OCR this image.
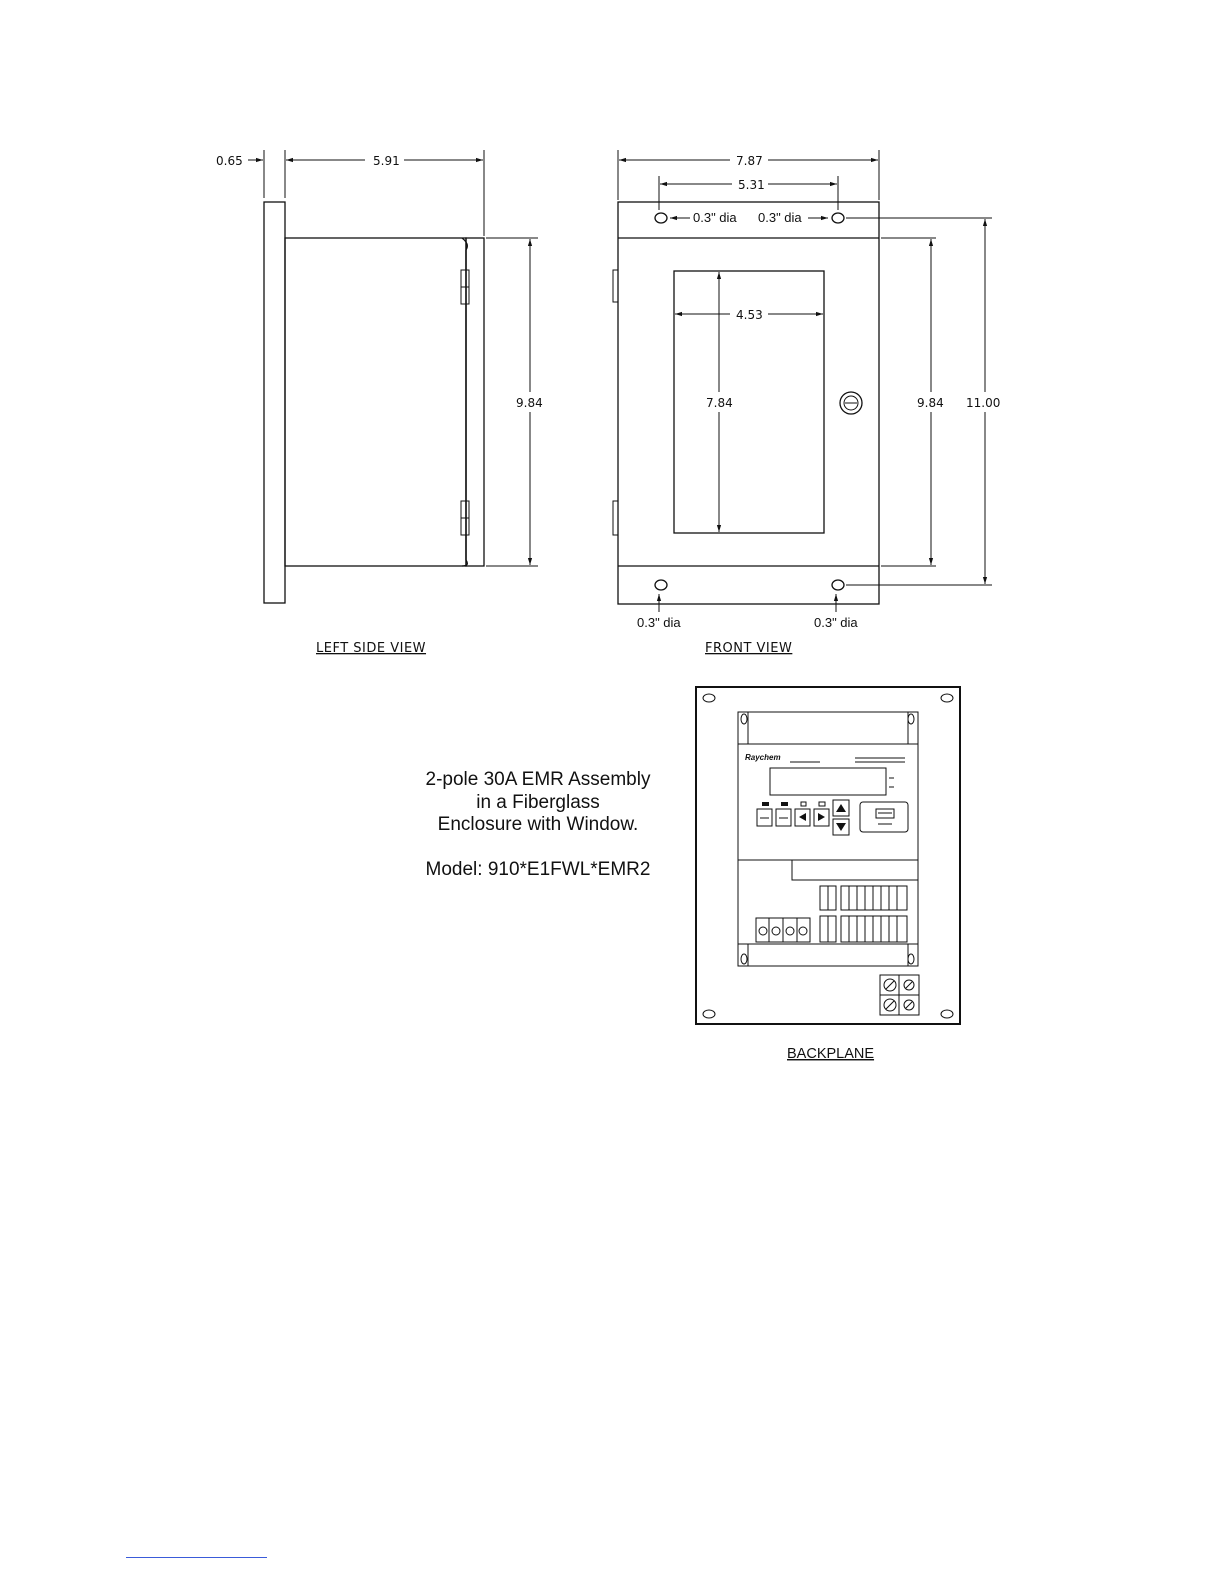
0.65	5.91
9.84
LEFT SIDE VIEW
0.3" dia 0.3" dia
0.3" dia	0.3" dia
7.87
5.31
4.53
7.84	9.84 11.00
FRONT VIEW
Raychem
BACKPLANE
2-pole 30A EMR Assembly
in a Fiberglass
Enclosure with Window.
Model: 910*E1FWL*EMR2
